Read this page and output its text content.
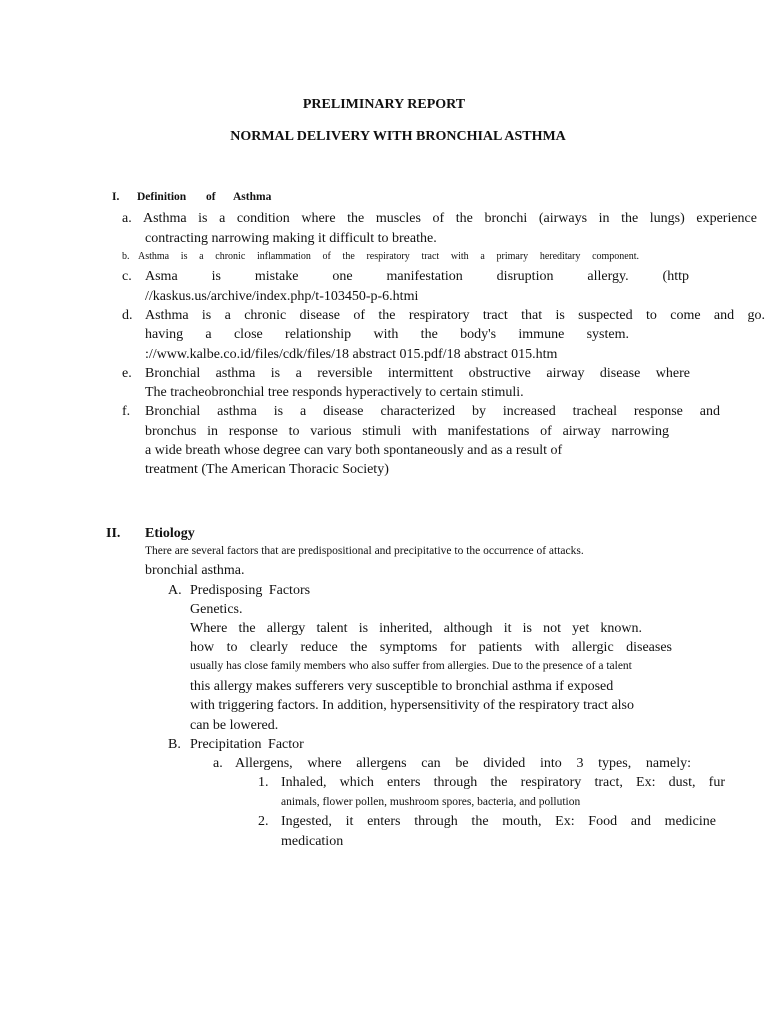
PRELIMINARY REPORT
NORMAL DELIVERY WITH BRONCHIAL ASTHMA
I. Definition of Asthma
a. Asthma is a condition where the muscles of the bronchi (airways in the lungs) experience
contracting narrowing making it difficult to breathe.
b. Asthma is a chronic inflammation of the respiratory tract with a primary hereditary component.
c. Asma is mistake one manifestation disruption allergy. (http
//kaskus.us/archive/index.php/t-103450-p-6.htmi
d. Asthma is a chronic disease of the respiratory tract that is suspected to come and go.
having a close relationship with the body's immune system.
://www.kalbe.co.id/files/cdk/files/18 abstract 015.pdf/18 abstract 015.htm
e. Bronchial asthma is a reversible intermittent obstructive airway disease where
The tracheobronchial tree responds hyperactively to certain stimuli.
f. Bronchial asthma is a disease characterized by increased tracheal response and
bronchus in response to various stimuli with manifestations of airway narrowing
a wide breath whose degree can vary both spontaneously and as a result of
treatment (The American Thoracic Society)
II. Etiology
There are several factors that are predispositional and precipitative to the occurrence of attacks.
bronchial asthma.
A. Predisposing Factors
Genetics.
Where the allergy talent is inherited, although it is not yet known.
how to clearly reduce the symptoms for patients with allergic diseases
usually has close family members who also suffer from allergies. Due to the presence of a talent
this allergy makes sufferers very susceptible to bronchial asthma if exposed
with triggering factors. In addition, hypersensitivity of the respiratory tract also
can be lowered.
B. Precipitation Factor
a. Allergens, where allergens can be divided into 3 types, namely:
1. Inhaled, which enters through the respiratory tract, Ex: dust, fur
animals, flower pollen, mushroom spores, bacteria, and pollution
2. Ingested, it enters through the mouth, Ex: Food and medicine
medication
